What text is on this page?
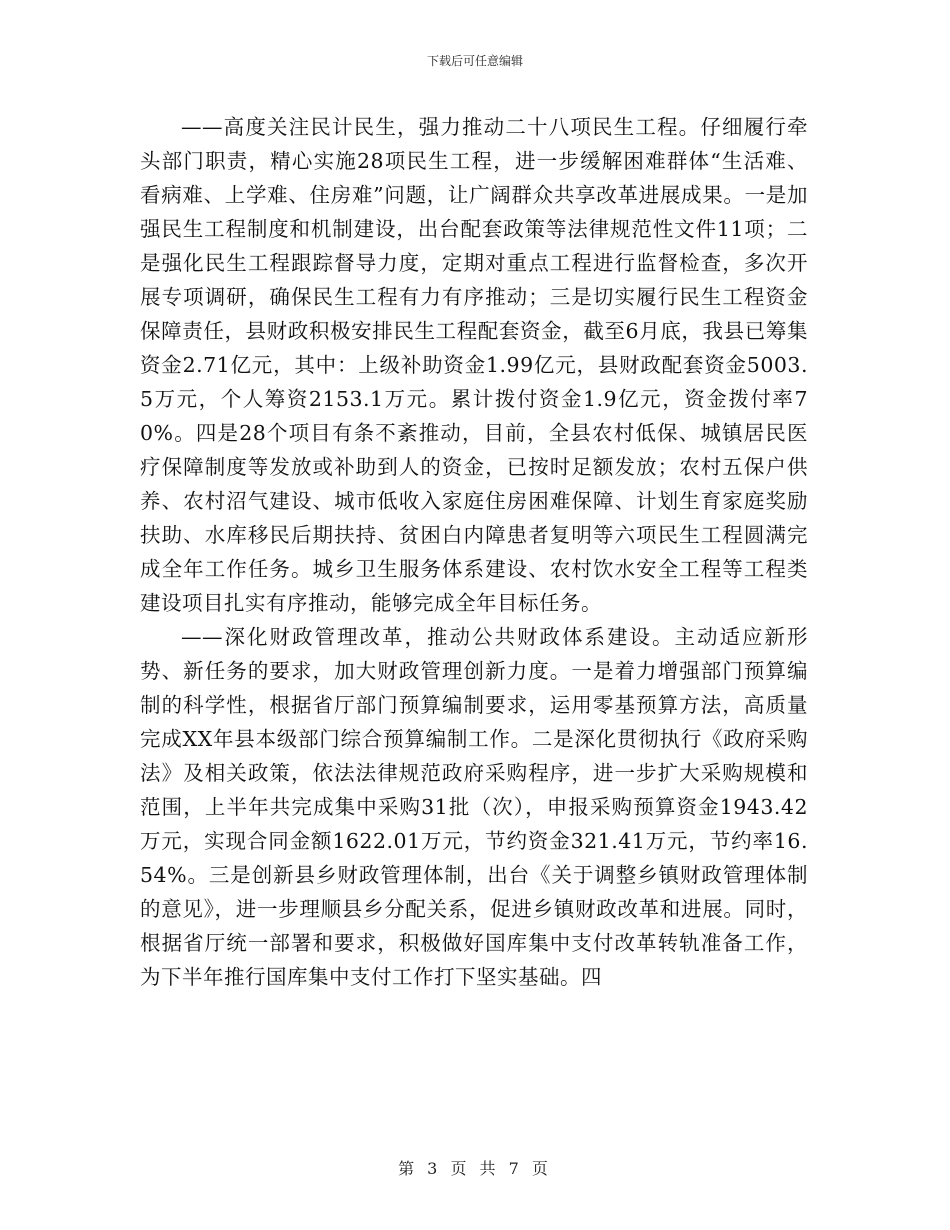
下载后可任意编辑

——高度关注民计民生，强力推动二十八项民生工程。仔细履行牵头部门职责，精心实施28项民生工程，进一步缓解困难群体“生活难、看病难、上学难、住房难”问题，让广阔群众共享改革进展成果。一是加强民生工程制度和机制建设，出台配套政策等法律规范性文件11项；二是强化民生工程跟踪督导力度，定期对重点工程进行监督检查，多次开展专项调研，确保民生工程有力有序推动；三是切实履行民生工程资金保障责任，县财政积极安排民生工程配套资金，截至6月底，我县已筹集资金2.71亿元，其中：上级补助资金1.99亿元，县财政配套资金5003.5万元，个人筹资2153.1万元。累计拨付资金1.9亿元，资金拨付率70%。四是28个项目有条不紊推动，目前，全县农村低保、城镇居民医疗保障制度等发放或补助到人的资金，已按时足额发放；农村五保户供养、农村沼气建设、城市低收入家庭住房困难保障、计划生育家庭奖励扶助、水库移民后期扶持、贫困白内障患者复明等六项民生工程圆满完成全年工作任务。城乡卫生服务体系建设、农村饮水安全工程等工程类建设项目扎实有序推动，能够完成全年目标任务。

——深化财政管理改革，推动公共财政体系建设。主动适应新形势、新任务的要求，加大财政管理创新力度。一是着力增强部门预算编制的科学性，根据省厅部门预算编制要求，运用零基预算方法，高质量完成XX年县本级部门综合预算编制工作。二是深化贯彻执行《政府采购法》及相关政策，依法法律规范政府采购程序，进一步扩大采购规模和范围，上半年共完成集中采购31批（次），申报采购预算资金1943.42万元，实现合同金额1622.01万元，节约资金321.41万元，节约率16.54%。三是创新县乡财政管理体制，出台《关于调整乡镇财政管理体制的意见》，进一步理顺县乡分配关系，促进乡镇财政改革和进展。同时，根据省厅统一部署和要求，积极做好国库集中支付改革转轨准备工作，为下半年推行国库集中支付工作打下坚实基础。四

第 3 页 共 7 页
